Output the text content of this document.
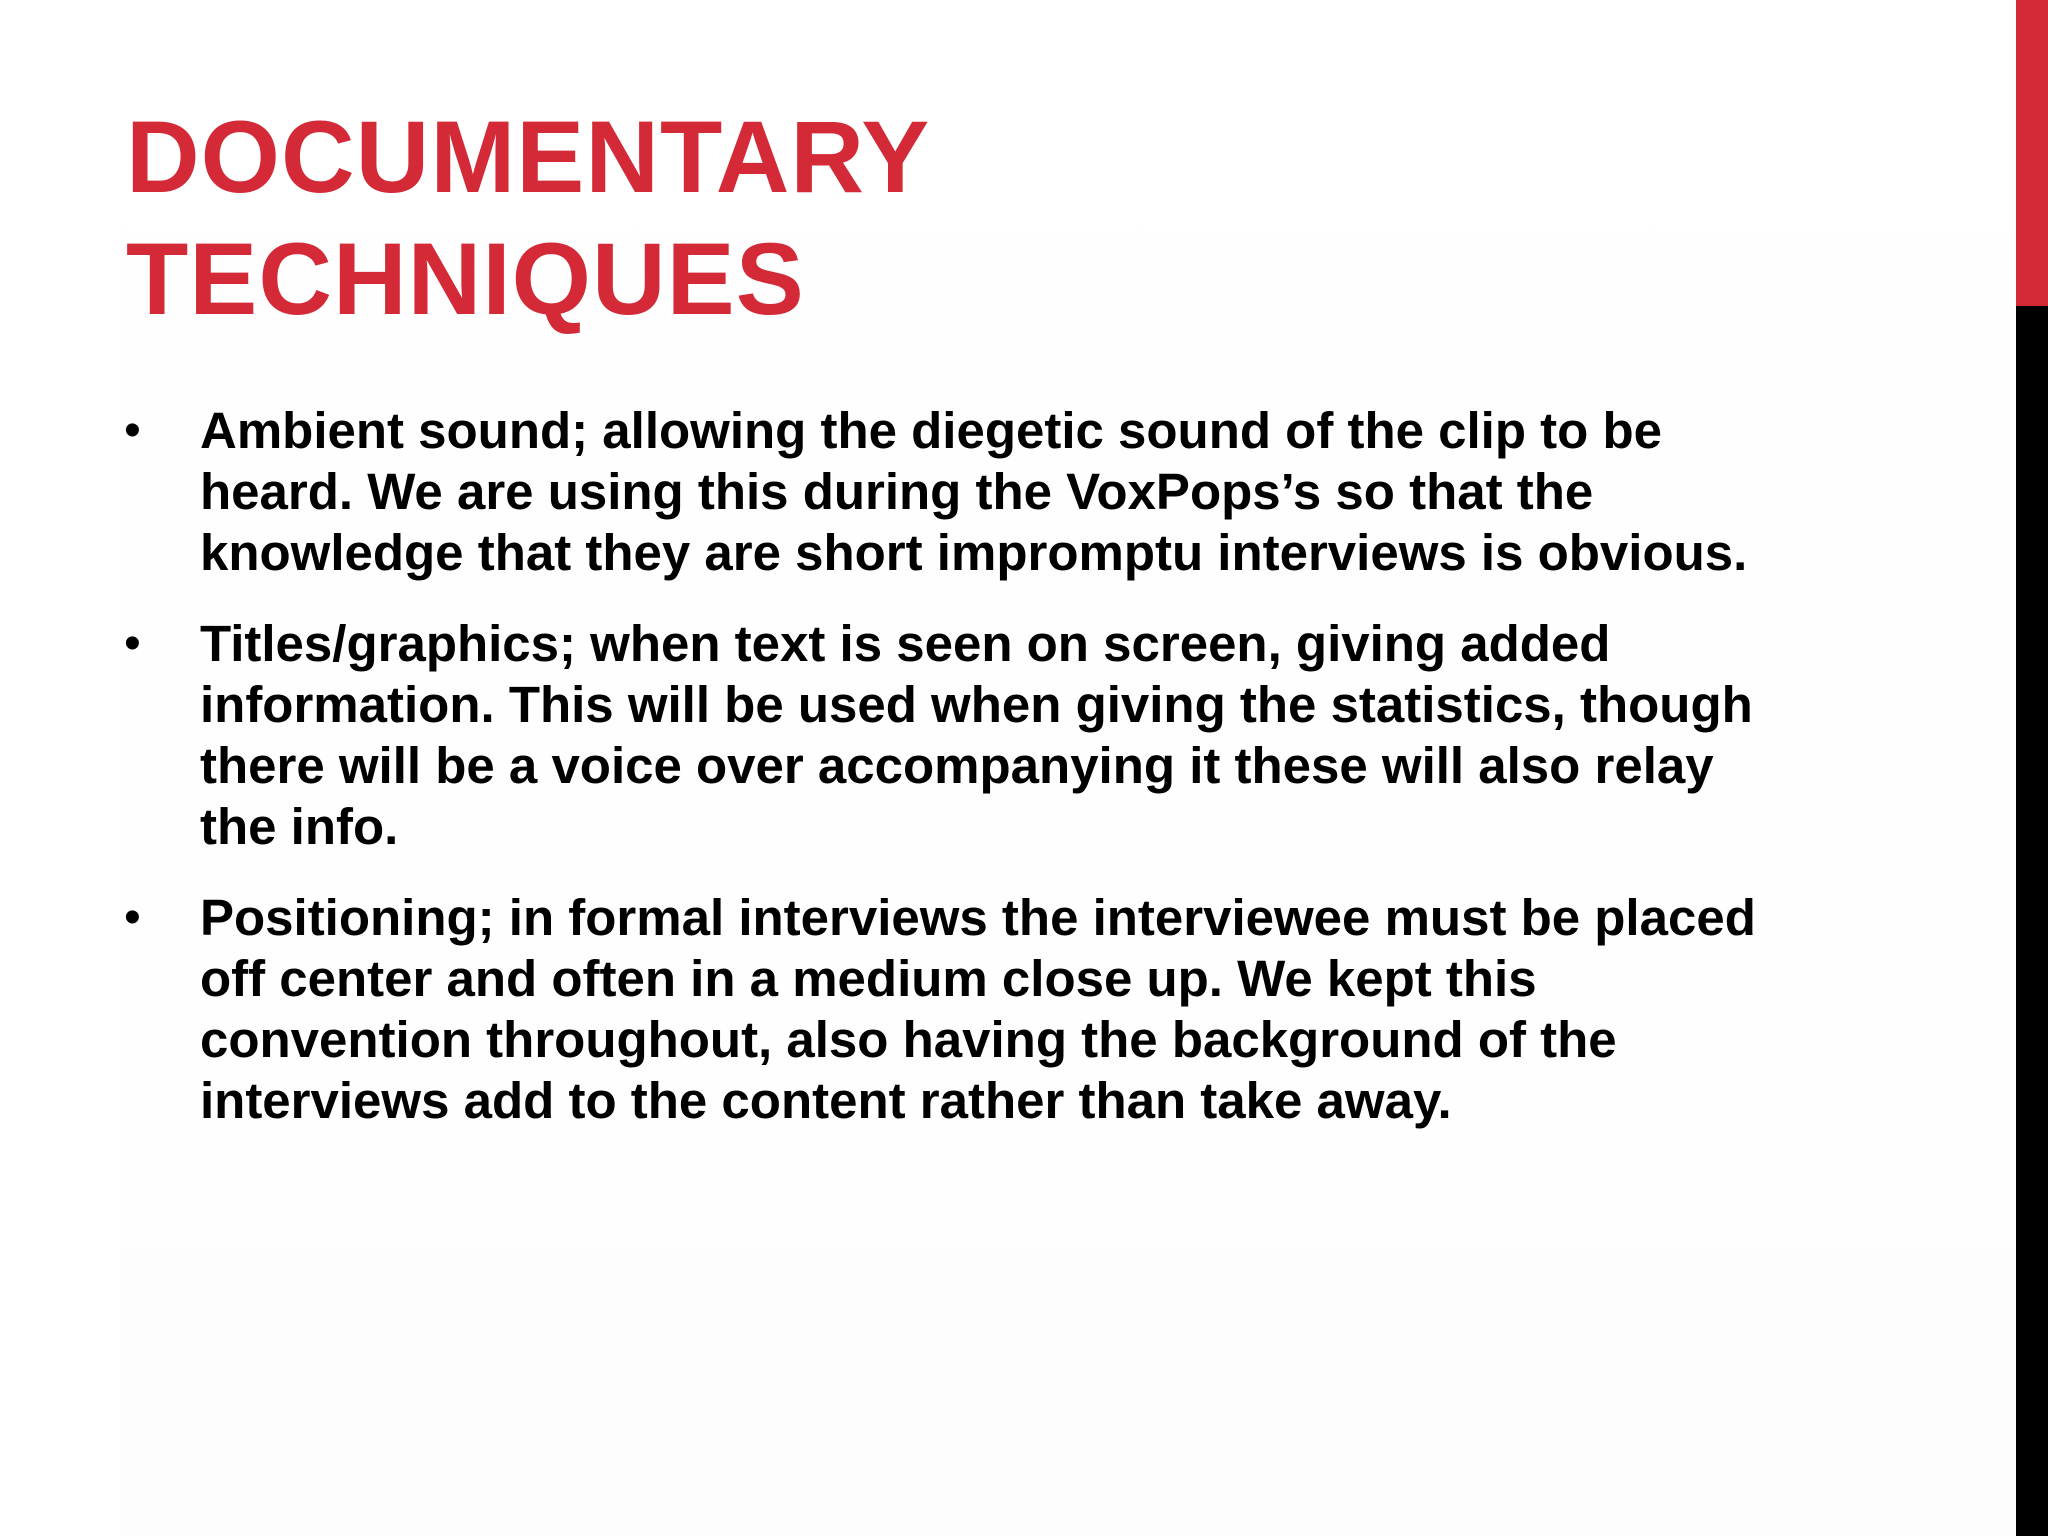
DOCUMENTARY
TECHNIQUES
•	Ambient sound; allowing the diegetic sound of the clip to be heard. We are using this during the VoxPops’s so that the knowledge that they are short impromptu interviews is obvious.
•	Titles/graphics; when text is seen on screen, giving added information. This will be used when giving the statistics, though there will be a voice over accompanying it these will also relay the info.
•	Positioning; in formal interviews the interviewee must be placed off center and often in a medium close up. We kept this convention throughout, also having the background of the interviews add to the content rather than take away.
